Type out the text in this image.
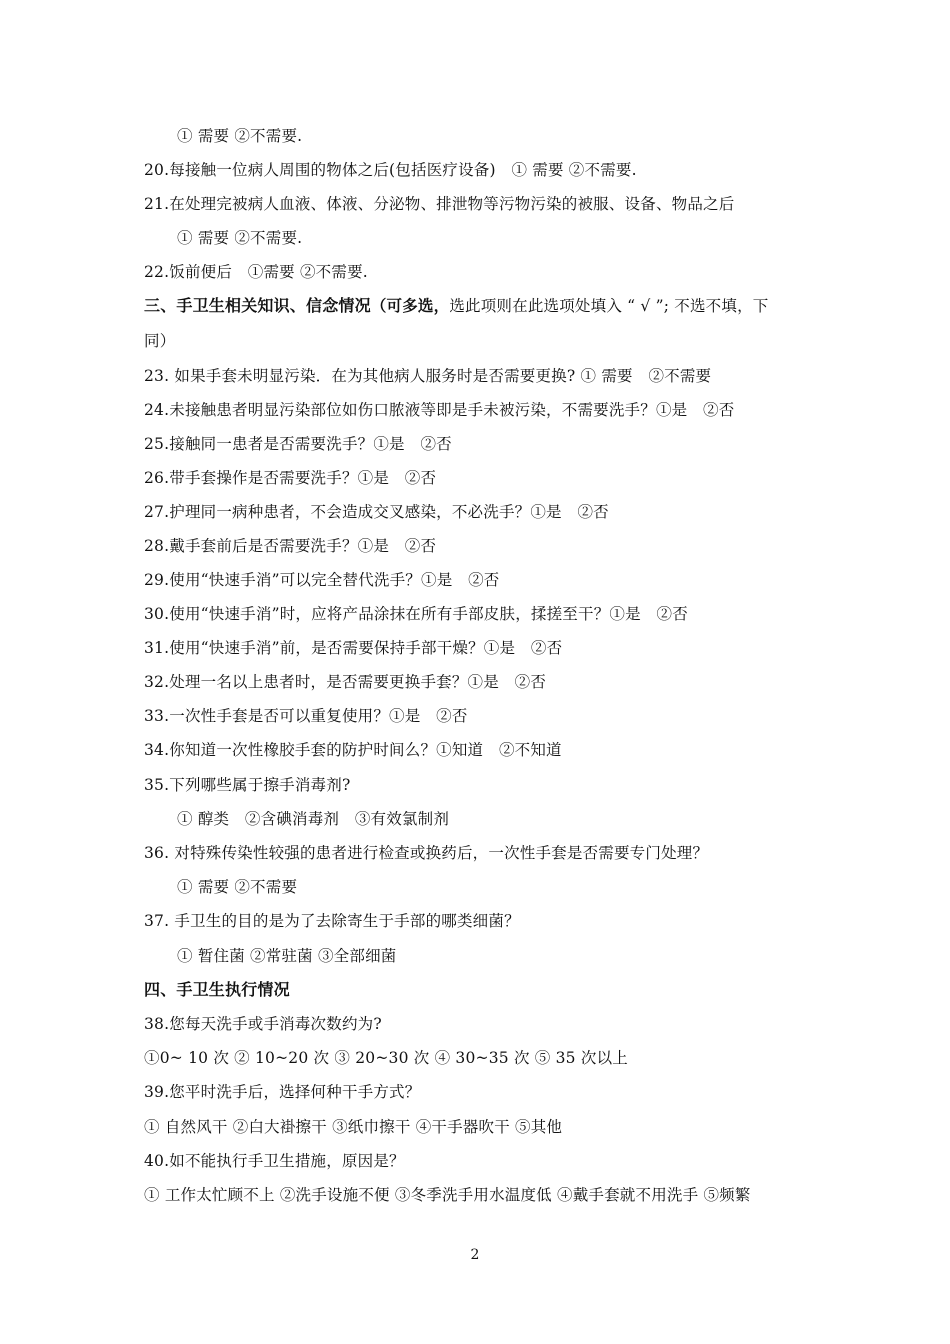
① 需要 ②不需要.
20.每接触一位病人周围的物体之后(包括医疗设备)　① 需要 ②不需要.
21.在处理完被病人血液、体液、分泌物、排泄物等污物污染的被服、设备、物品之后
① 需要 ②不需要.
22.饭前便后　①需要 ②不需要.
三、手卫生相关知识、信念情况（可多选，选此项则在此选项处填入 “ √ ”; 不选不填，下
同）
23. 如果手套未明显污染．在为其他病人服务时是否需要更换? ① 需要　②不需要
24.未接触患者明显污染部位如伤口脓液等即是手未被污染，不需要洗手？①是　②否
25.接触同一患者是否需要洗手？①是　②否
26.带手套操作是否需要洗手？①是　②否
27.护理同一病种患者，不会造成交叉感染，不必洗手？①是　②否
28.戴手套前后是否需要洗手？①是　②否
29.使用“快速手消”可以完全替代洗手？①是　②否
30.使用“快速手消”时，应将产品涂抹在所有手部皮肤，揉搓至干？①是　②否
31.使用“快速手消”前，是否需要保持手部干燥？①是　②否
32.处理一名以上患者时，是否需要更换手套？①是　②否
33.一次性手套是否可以重复使用？①是　②否
34.你知道一次性橡胶手套的防护时间么？①知道　②不知道
35.下列哪些属于擦手消毒剂?
① 醇类　②含碘消毒剂　③有效氯制剂
36. 对特殊传染性较强的患者进行检查或换药后，一次性手套是否需要专门处理？
① 需要 ②不需要
37. 手卫生的目的是为了去除寄生于手部的哪类细菌？
① 暂住菌 ②常驻菌 ③全部细菌
四、手卫生执行情况
38.您每天洗手或手消毒次数约为?
①0~ 10 次 ② 10~20 次 ③ 20~30 次 ④ 30~35 次 ⑤ 35 次以上
39.您平时洗手后，选择何种干手方式？
① 自然风干 ②白大褂擦干 ③纸巾擦干 ④干手器吹干 ⑤其他
40.如不能执行手卫生措施，原因是？
① 工作太忙顾不上 ②洗手设施不便 ③冬季洗手用水温度低 ④戴手套就不用洗手 ⑤频繁
2
